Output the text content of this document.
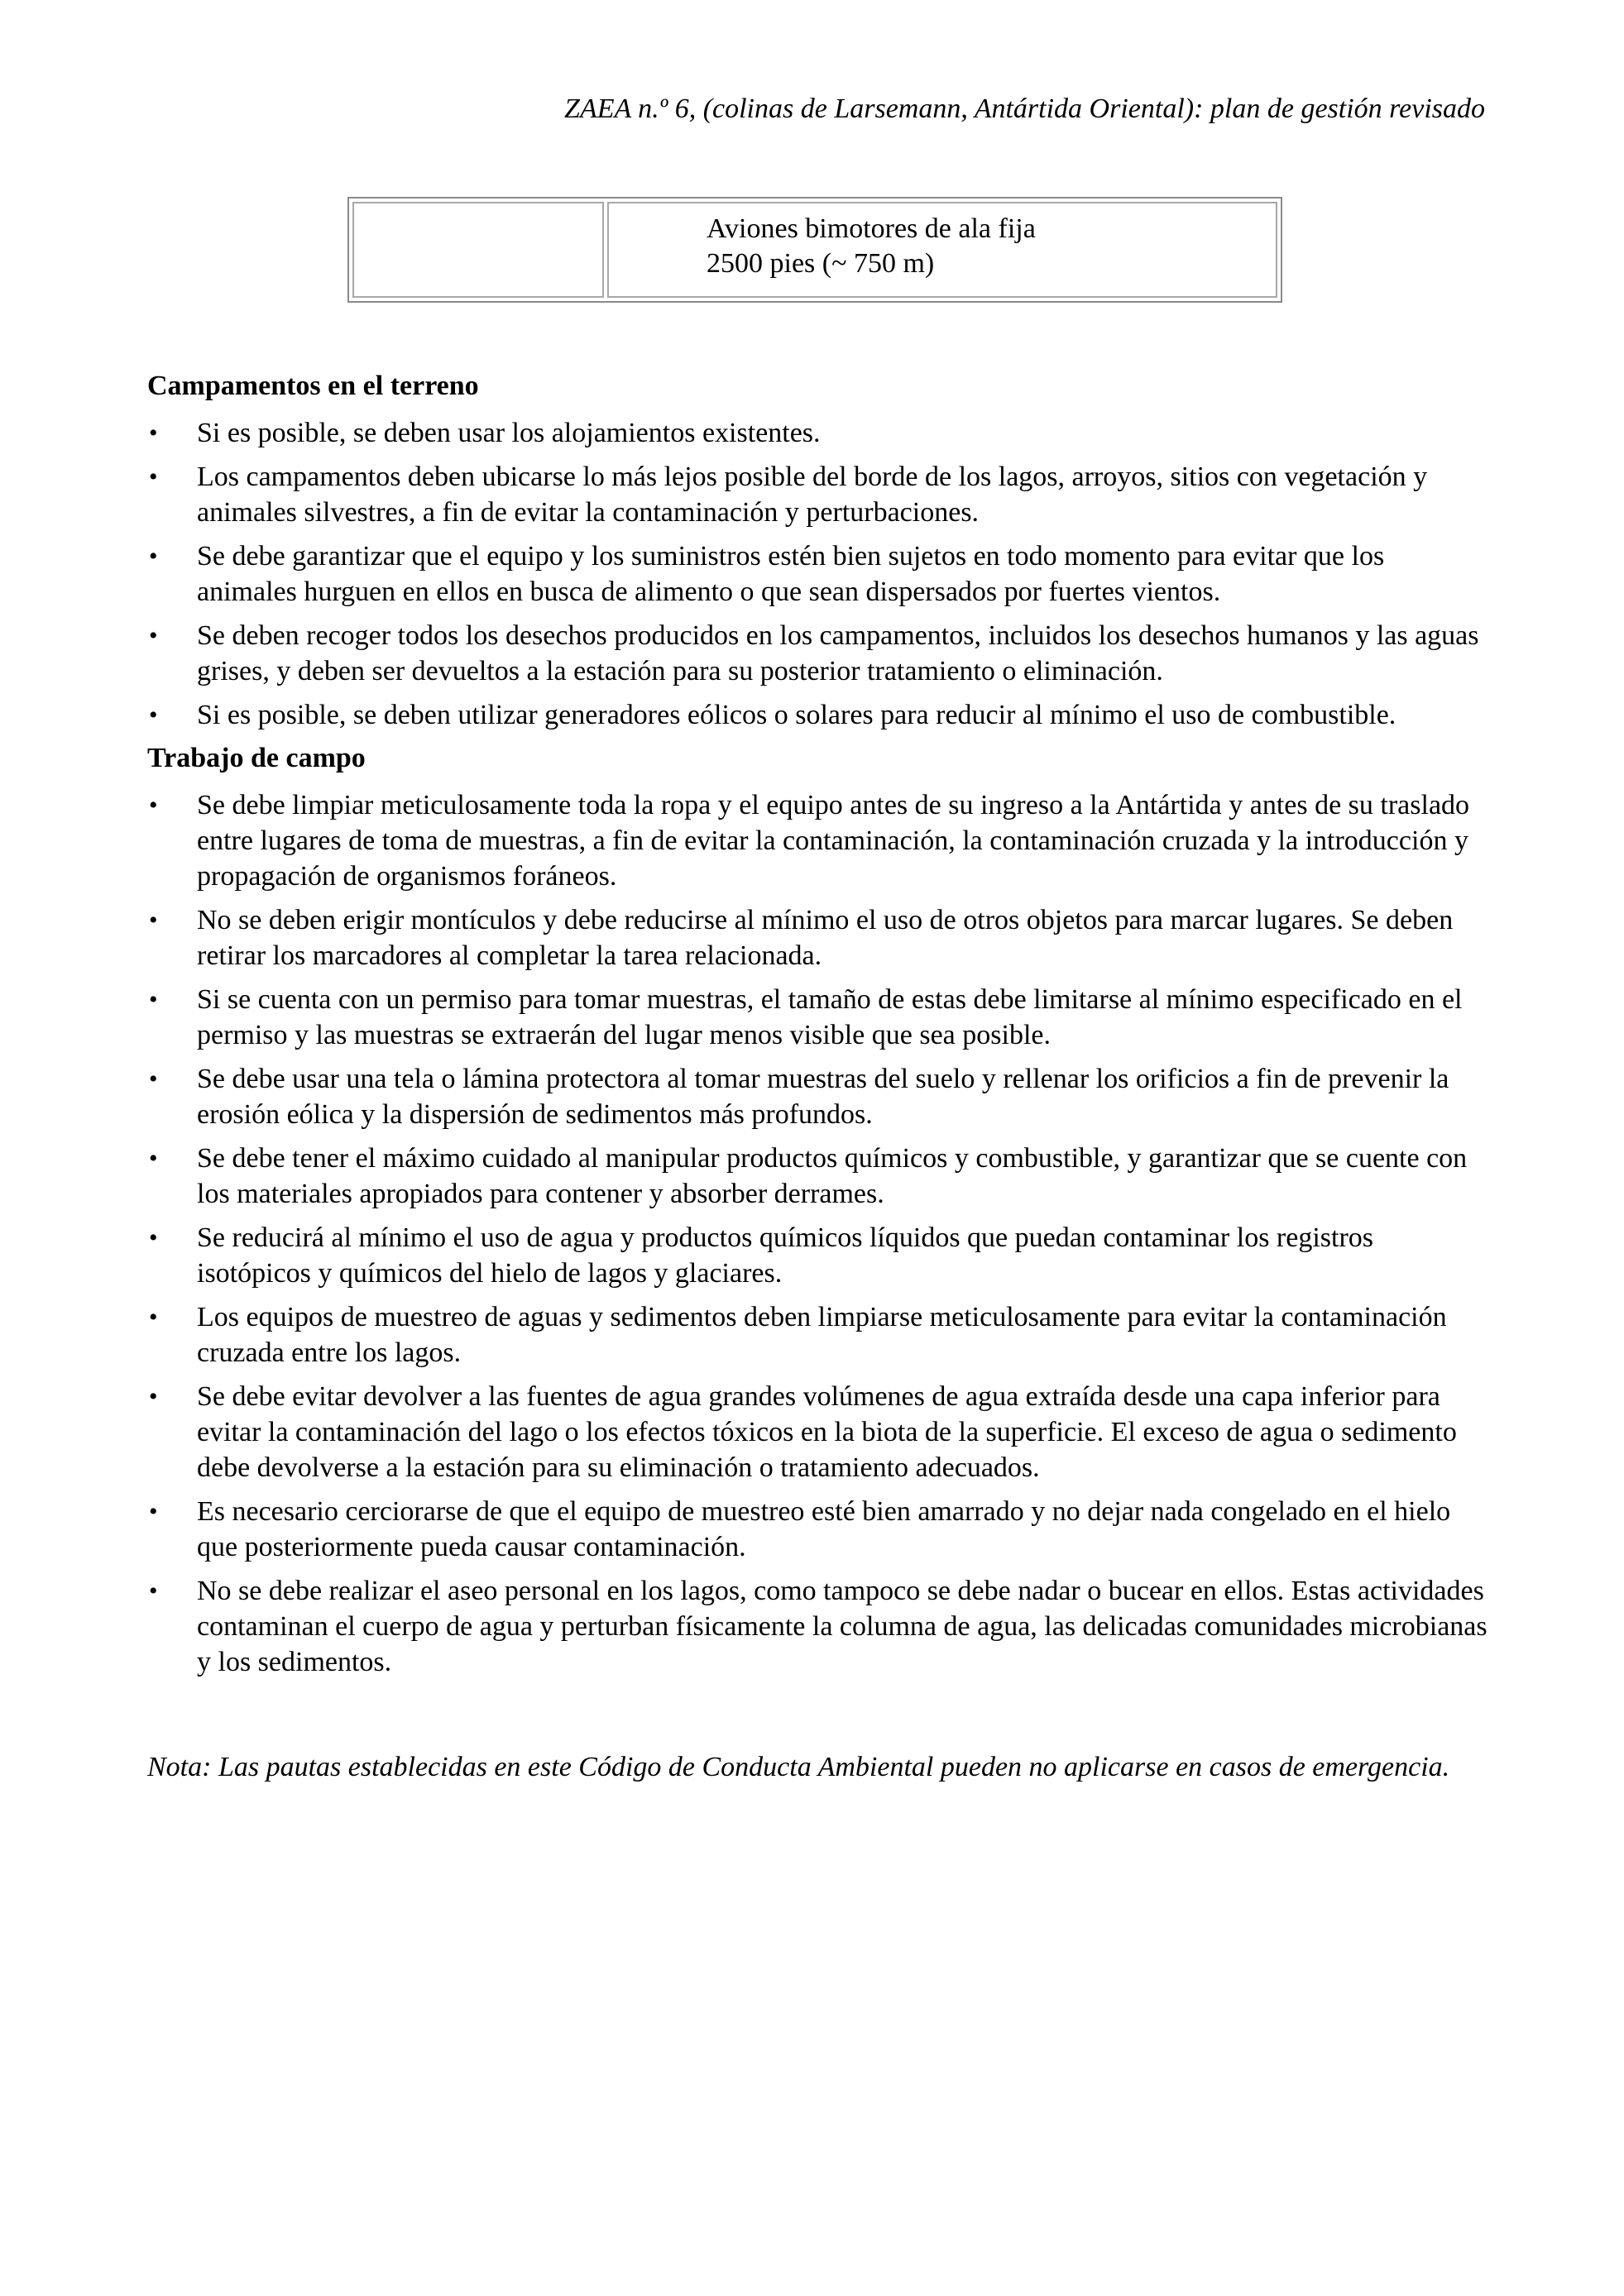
ZAEA n.º 6, (colinas de Larsemann, Antártida Oriental): plan de gestión revisado

Aviones bimotores de ala fija
2500 pies (~ 750 m)
Campamentos en el terreno
• Si es posible, se deben usar los alojamientos existentes.
• Los campamentos deben ubicarse lo más lejos posible del borde de los lagos, arroyos, sitios con vegetación y animales silvestres, a fin de evitar la contaminación y perturbaciones.
• Se debe garantizar que el equipo y los suministros estén bien sujetos en todo momento para evitar que los animales hurguen en ellos en busca de alimento o que sean dispersados por fuertes vientos.
• Se deben recoger todos los desechos producidos en los campamentos, incluidos los desechos humanos y las aguas grises, y deben ser devueltos a la estación para su posterior tratamiento o eliminación.
• Si es posible, se deben utilizar generadores eólicos o solares para reducir al mínimo el uso de combustible.
Trabajo de campo
• Se debe limpiar meticulosamente toda la ropa y el equipo antes de su ingreso a la Antártida y antes de su traslado entre lugares de toma de muestras, a fin de evitar la contaminación, la contaminación cruzada y la introducción y propagación de organismos foráneos.
• No se deben erigir montículos y debe reducirse al mínimo el uso de otros objetos para marcar lugares. Se deben retirar los marcadores al completar la tarea relacionada.
• Si se cuenta con un permiso para tomar muestras, el tamaño de estas debe limitarse al mínimo especificado en el permiso y las muestras se extraerán del lugar menos visible que sea posible.
• Se debe usar una tela o lámina protectora al tomar muestras del suelo y rellenar los orificios a fin de prevenir la erosión eólica y la dispersión de sedimentos más profundos.
• Se debe tener el máximo cuidado al manipular productos químicos y combustible, y garantizar que se cuente con los materiales apropiados para contener y absorber derrames.
• Se reducirá al mínimo el uso de agua y productos químicos líquidos que puedan contaminar los registros isotópicos y químicos del hielo de lagos y glaciares.
• Los equipos de muestreo de aguas y sedimentos deben limpiarse meticulosamente para evitar la contaminación cruzada entre los lagos.
• Se debe evitar devolver a las fuentes de agua grandes volúmenes de agua extraída desde una capa inferior para evitar la contaminación del lago o los efectos tóxicos en la biota de la superficie. El exceso de agua o sedimento debe devolverse a la estación para su eliminación o tratamiento adecuados.
• Es necesario cerciorarse de que el equipo de muestreo esté bien amarrado y no dejar nada congelado en el hielo que posteriormente pueda causar contaminación.
• No se debe realizar el aseo personal en los lagos, como tampoco se debe nadar o bucear en ellos. Estas actividades contaminan el cuerpo de agua y perturban físicamente la columna de agua, las delicadas comunidades microbianas y los sedimentos.
Nota: Las pautas establecidas en este Código de Conducta Ambiental pueden no aplicarse en casos de emergencia.
